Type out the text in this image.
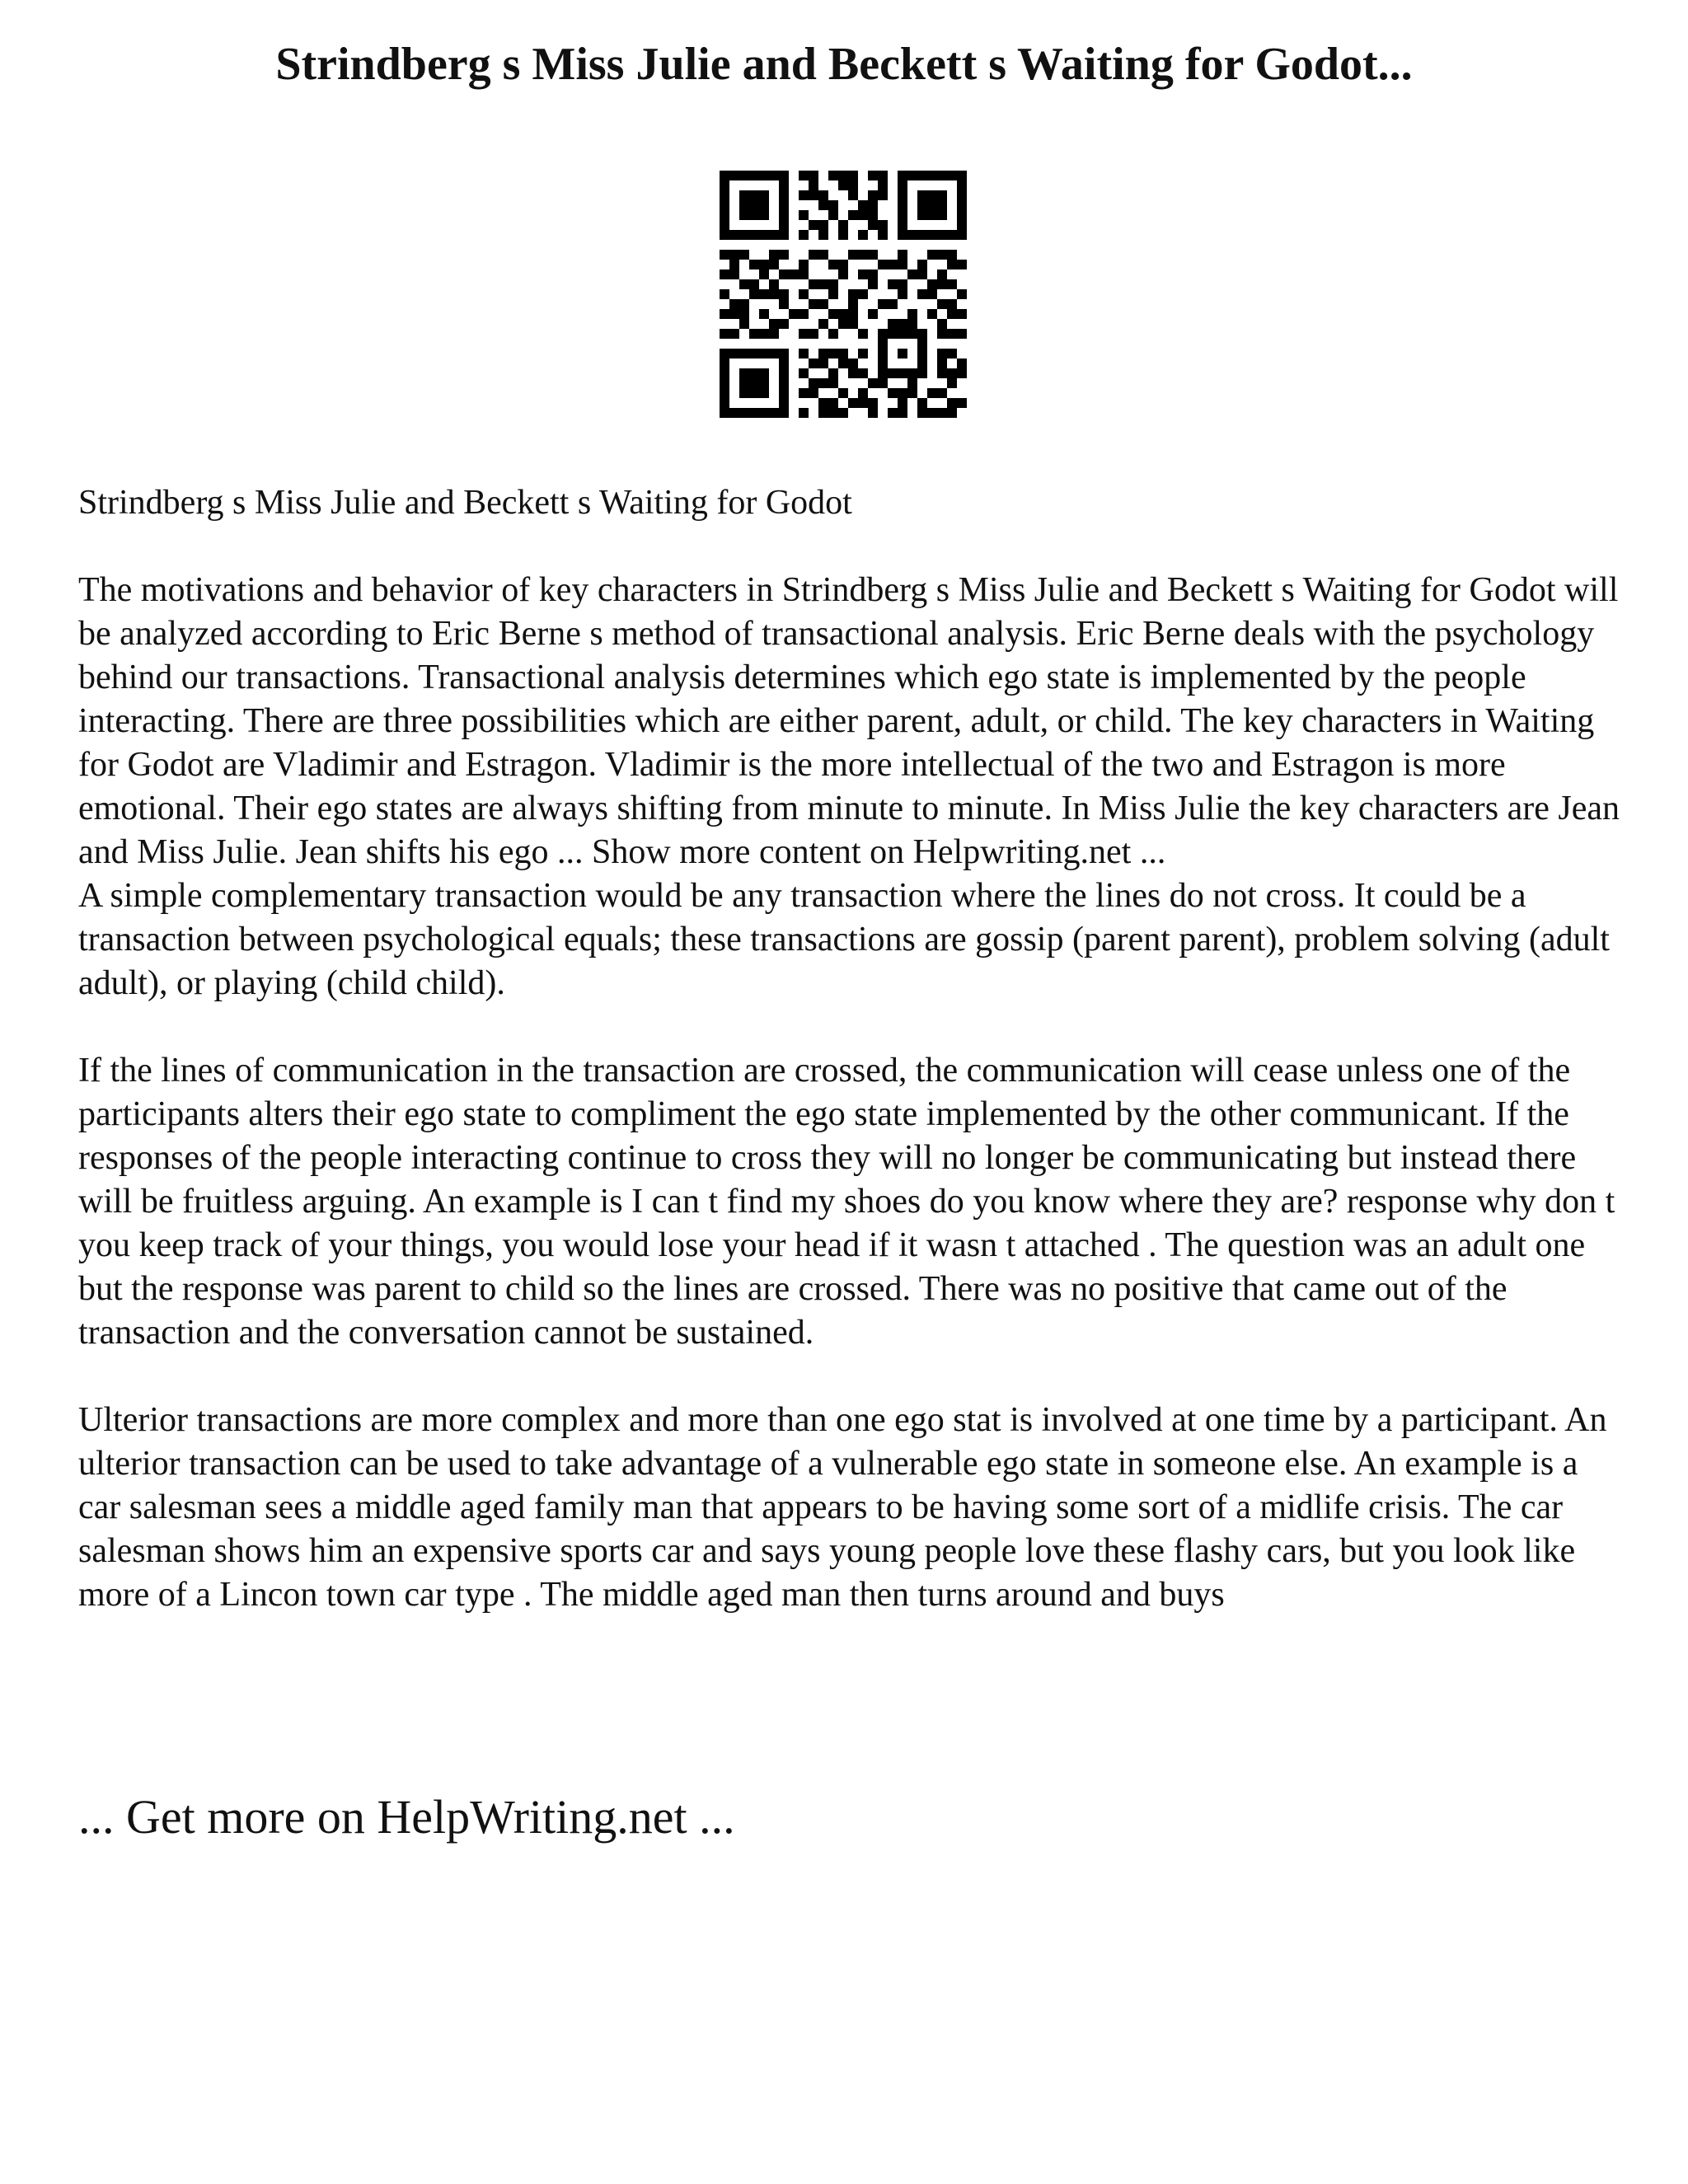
Strindberg s Miss Julie and Beckett s Waiting for Godot...

Strindberg s Miss Julie and Beckett s Waiting for Godot

The motivations and behavior of key characters in Strindberg s Miss Julie and Beckett s Waiting for Godot will be analyzed according to Eric Berne s method of transactional analysis. Eric Berne deals with the psychology behind our transactions. Transactional analysis determines which ego state is implemented by the people interacting. There are three possibilities which are either parent, adult, or child. The key characters in Waiting for Godot are Vladimir and Estragon. Vladimir is the more intellectual of the two and Estragon is more emotional. Their ego states are always shifting from minute to minute. In Miss Julie the key characters are Jean and Miss Julie. Jean shifts his ego ... Show more content on Helpwriting.net ...

A simple complementary transaction would be any transaction where the lines do not cross. It could be a transaction between psychological equals; these transactions are gossip (parent parent), problem solving (adult adult), or playing (child child).

If the lines of communication in the transaction are crossed, the communication will cease unless one of the participants alters their ego state to compliment the ego state implemented by the other communicant. If the responses of the people interacting continue to cross they will no longer be communicating but instead there will be fruitless arguing. An example is I can t find my shoes do you know where they are? response why don t you keep track of your things, you would lose your head if it wasn t attached . The question was an adult one but the response was parent to child so the lines are crossed. There was no positive that came out of the transaction and the conversation cannot be sustained.

Ulterior transactions are more complex and more than one ego stat is involved at one time by a participant. An ulterior transaction can be used to take advantage of a vulnerable ego state in someone else. An example is a car salesman sees a middle aged family man that appears to be having some sort of a midlife crisis. The car salesman shows him an expensive sports car and says young people love these flashy cars, but you look like more of a Lincon town car type . The middle aged man then turns around and buys

... Get more on HelpWriting.net ...
